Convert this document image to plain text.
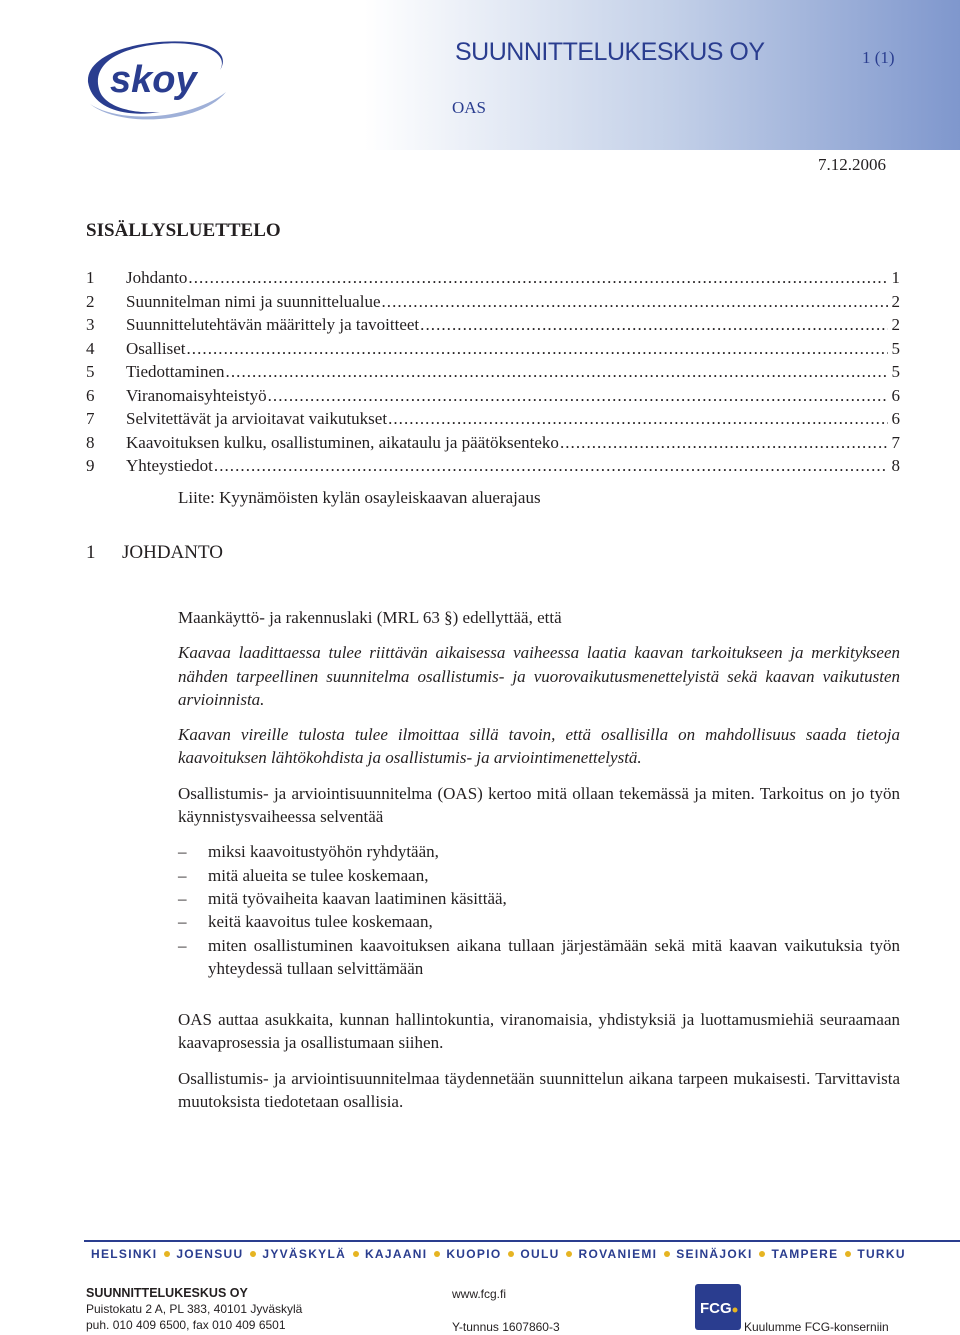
skoy
SUUNNITTELUKESKUS OY	1 (1)
OAS
7.12.2006
SISÄLLYSLUETTELO
1	Johdanto . . .	1
2	Suunnitelman nimi ja suunnittelualue . . .	2
3	Suunnittelutehtävän määrittely ja tavoitteet . . .	2
4	Osalliset . . .	5
5	Tiedottaminen . . .	5
6	Viranomaisyhteistyö . . .	6
7	Selvitettävät ja arvioitavat vaikutukset . . .	6
8	Kaavoituksen kulku, osallistuminen, aikataulu ja päätöksenteko . . .	7
9	Yhteystiedot . . .	8
Liite: Kyynämöisten kylän osayleiskaavan aluerajaus
1 JOHDANTO

Maankäyttö- ja rakennuslaki (MRL 63 §) edellyttää, että

Kaavaa laadittaessa tulee riittävän aikaisessa vaiheessa laatia kaavan tarkoitukseen ja merkitykseen nähden tarpeellinen suunnitelma osallistumis- ja vuorovaikutusmenettelyistä sekä kaavan vaikutusten arvioinnista.

Kaavan vireille tulosta tulee ilmoittaa sillä tavoin, että osallisilla on mahdollisuus saada tietoja kaavoituksen lähtökohdista ja osallistumis- ja arviointimenettelystä.

Osallistumis- ja arviointisuunnitelma (OAS) kertoo mitä ollaan tekemässä ja miten. Tarkoitus on jo työn käynnistysvaiheessa selventää

– miksi kaavoitustyöhön ryhdytään,
– mitä alueita se tulee koskemaan,
– mitä työvaiheita kaavan laatiminen käsittää,
– keitä kaavoitus tulee koskemaan,
– miten osallistuminen kaavoituksen aikana tullaan järjestämään sekä mitä kaavan vaikutuksia työn yhteydessä tullaan selvittämään

OAS auttaa asukkaita, kunnan hallintokuntia, viranomaisia, yhdistyksiä ja luottamusmiehiä seuraamaan kaavaprosessia ja osallistumaan siihen.

Osallistumis- ja arviointisuunnitelmaa täydennetään suunnittelun aikana tarpeen mukaisesti. Tarvittavista muutoksista tiedotetaan osallisia.

HELSINKI JOENSUU JYVÄSKYLÄ KAJAANI KUOPIO OULU ROVANIEMI SEINÄJOKI TAMPERE TURKU
SUUNNITTELUKESKUS OY
Puistokatu 2 A, PL 383, 40101 Jyväskylä
puh. 010 409 6500, fax 010 409 6501
www.fcg.fi
Y-tunnus 1607860-3
FCG
Kuulumme FCG-konserniin
